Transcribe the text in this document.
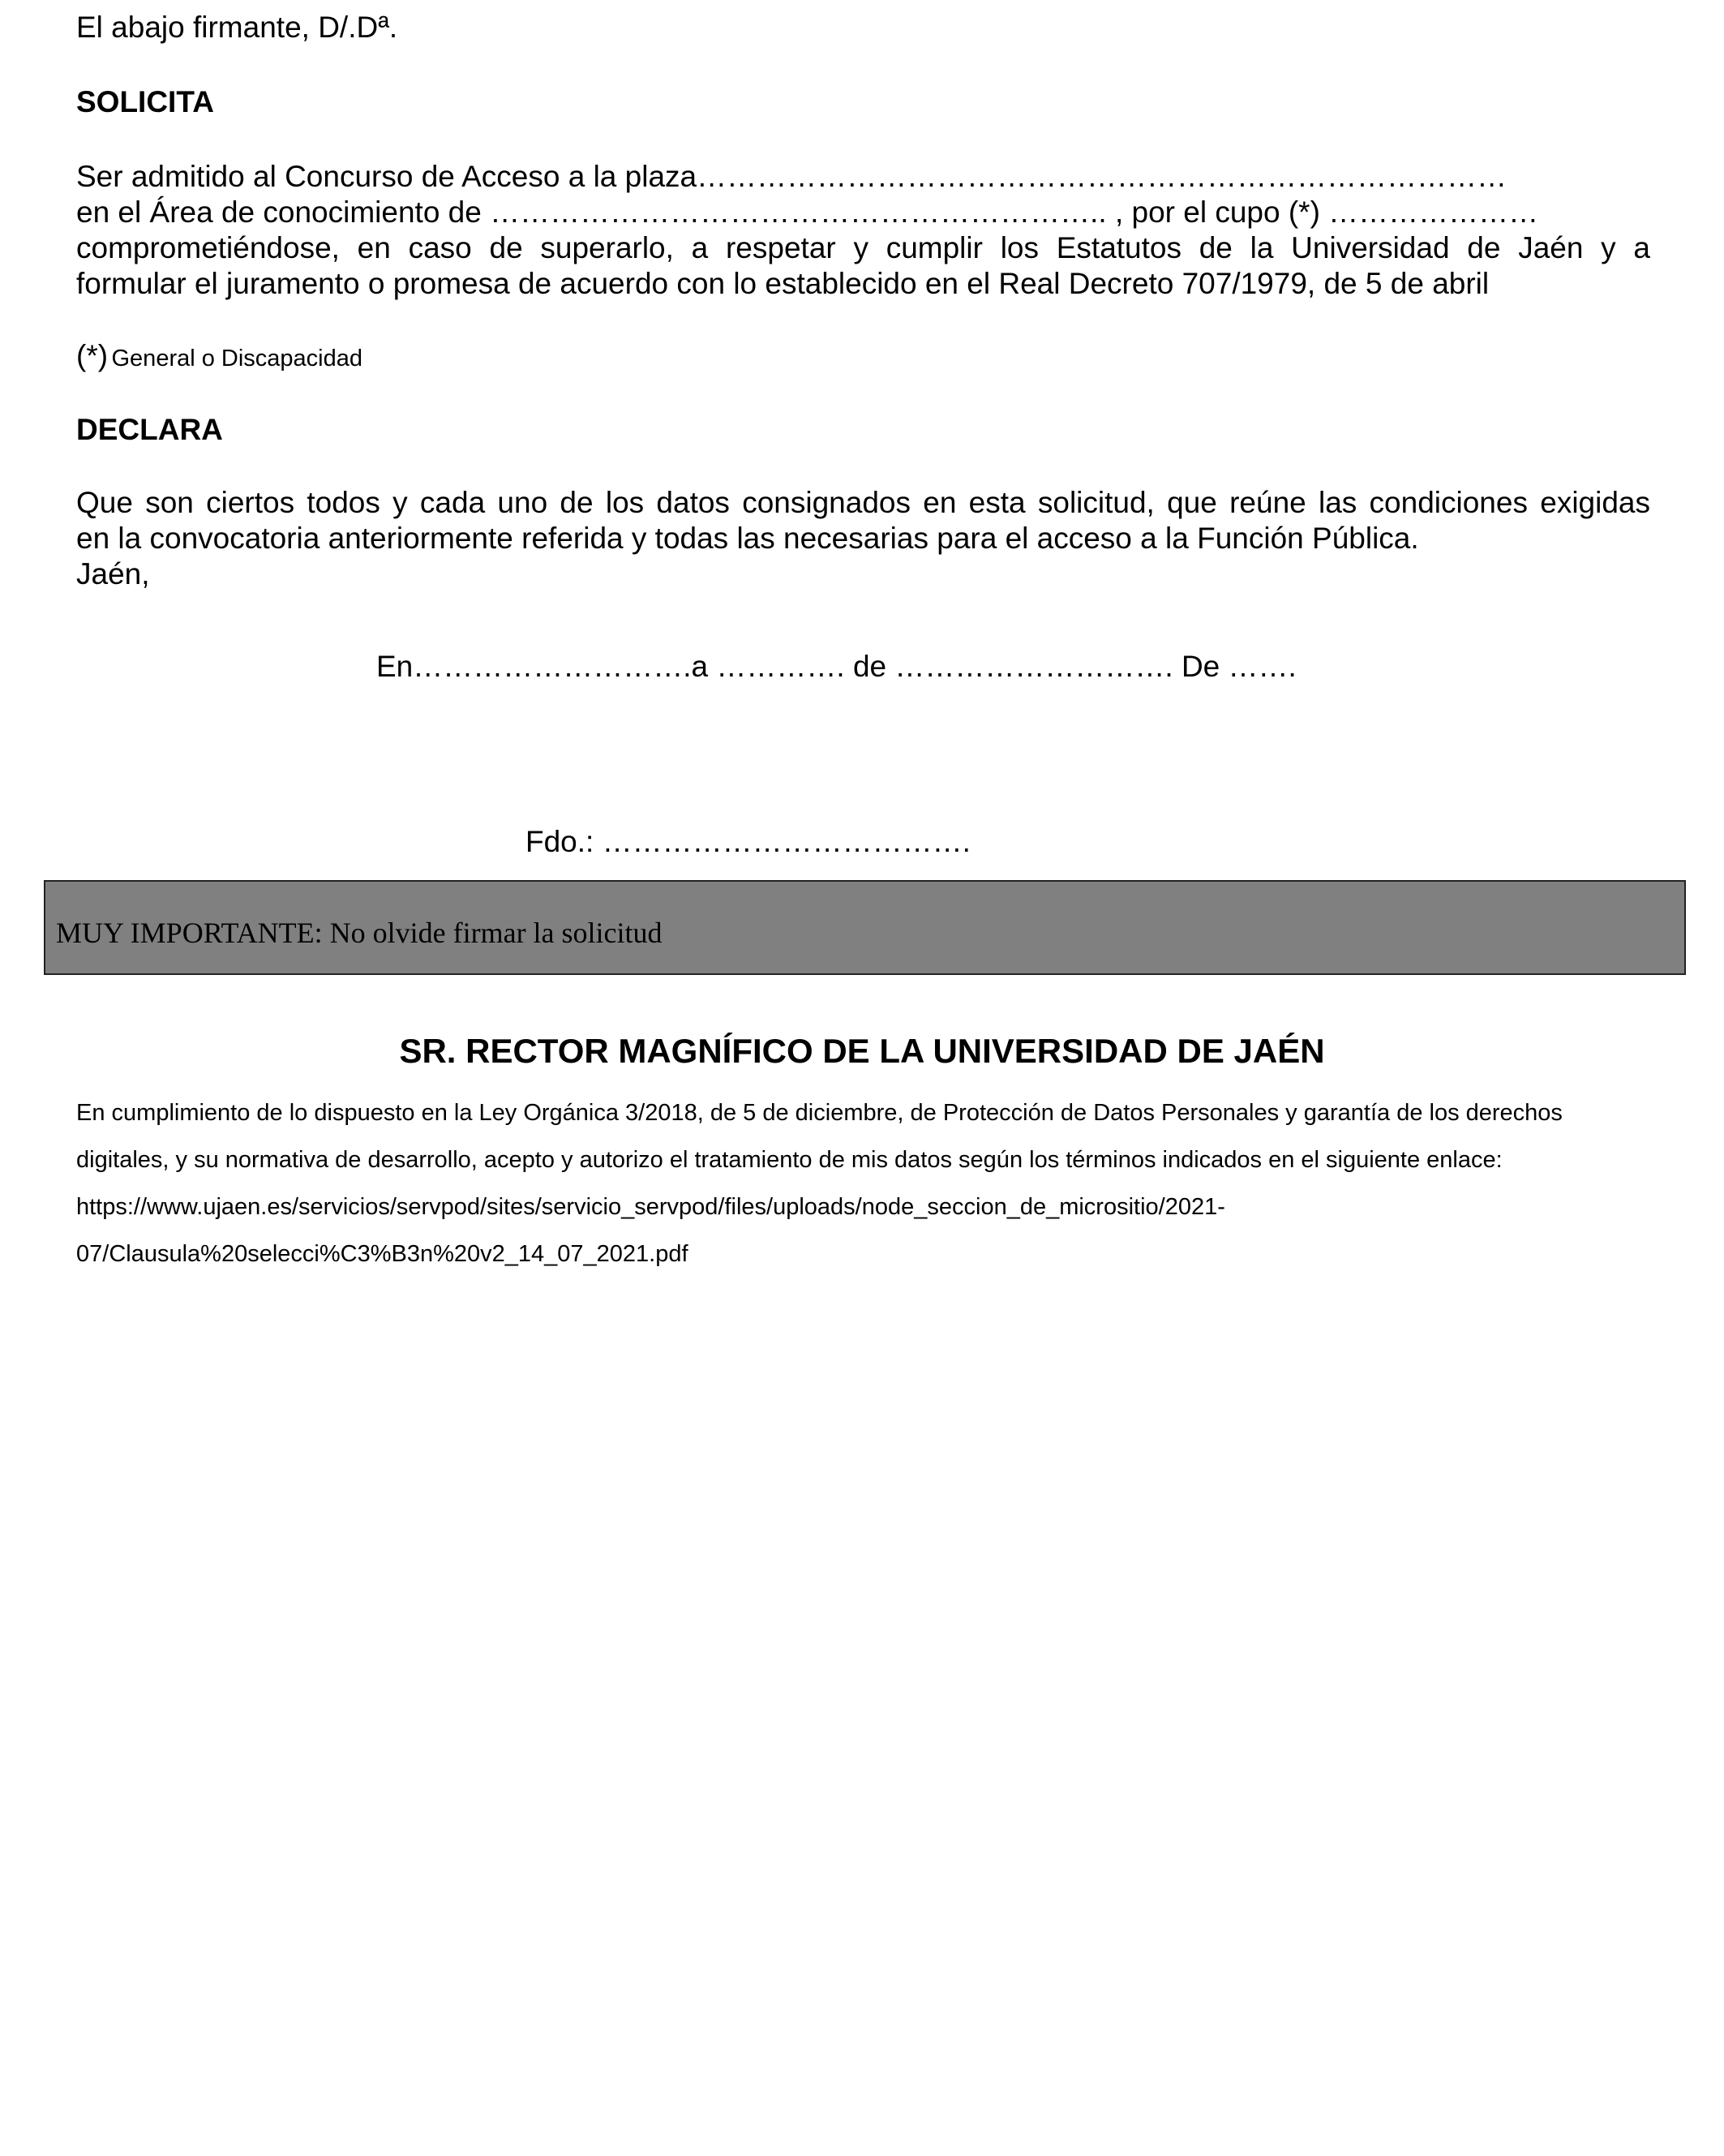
El abajo firmante, D/.Dª.
SOLICITA
Ser admitido al Concurso de Acceso a la plaza………………………………………………………………………
en el Área de conocimiento de …………………………………………………….. , por el cupo (*) …………………
comprometiéndose, en caso de superarlo, a respetar y cumplir los Estatutos de la Universidad de Jaén y a
formular el juramento o promesa de acuerdo con lo establecido en el Real Decreto 707/1979, de 5 de abril
(*) General o Discapacidad
DECLARA
Que son ciertos todos y cada uno de los datos consignados en esta solicitud, que reúne las condiciones exigidas
en la convocatoria anteriormente referida y todas las necesarias para el acceso a la Función Pública.
Jaén,
En……………………….a …………. de ………………………. De …….
Fdo.: ……………………………….
MUY IMPORTANTE: No olvide firmar la solicitud
SR. RECTOR MAGNÍFICO DE LA UNIVERSIDAD DE JAÉN
En cumplimiento de lo dispuesto en la Ley Orgánica 3/2018, de 5 de diciembre, de Protección de Datos Personales y garantía de los derechos
digitales, y su normativa de desarrollo, acepto y autorizo el tratamiento de mis datos según los términos indicados en el siguiente enlace:
https://www.ujaen.es/servicios/servpod/sites/servicio_servpod/files/uploads/node_seccion_de_micrositio/2021-
07/Clausula%20selecci%C3%B3n%20v2_14_07_2021.pdf
